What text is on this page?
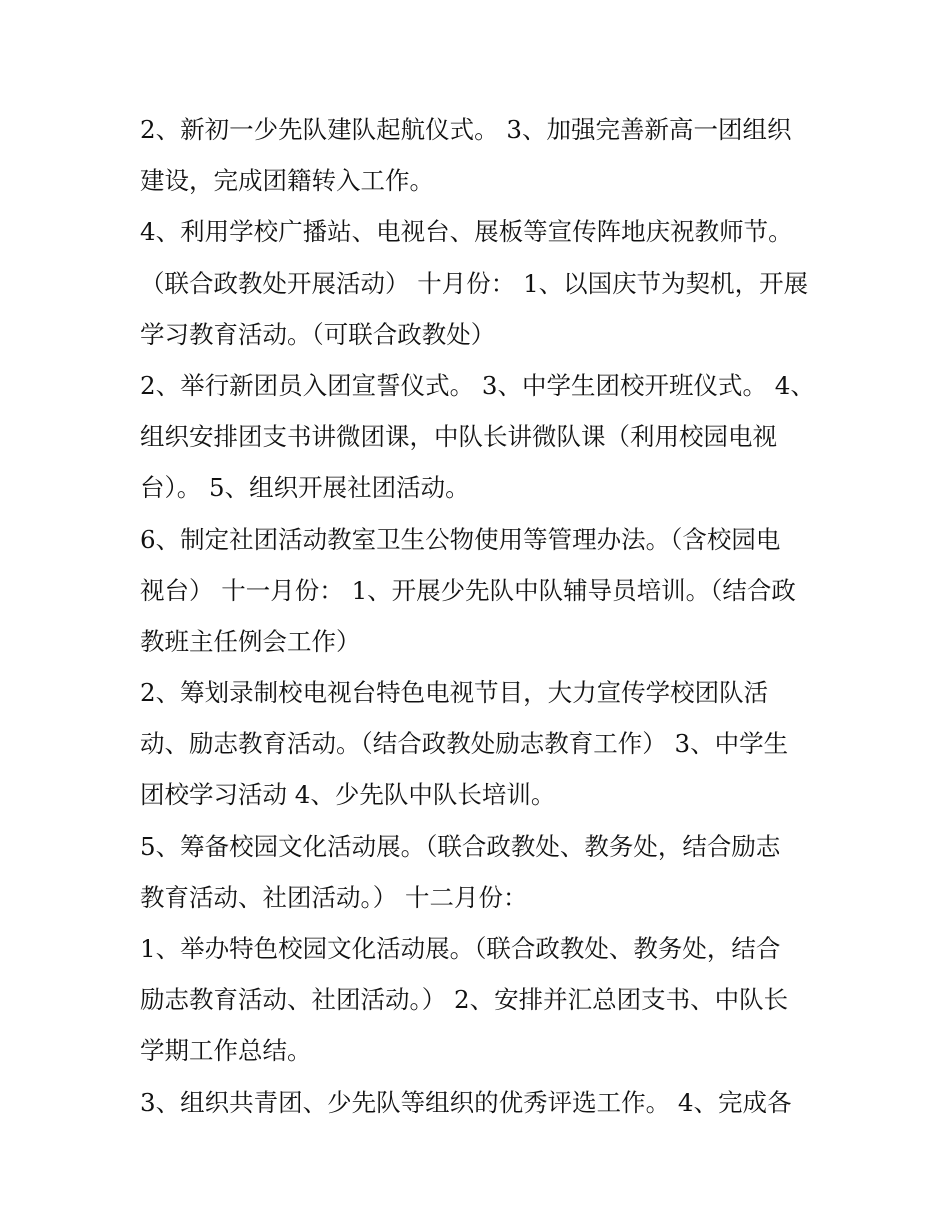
2、新初一少先队建队起航仪式。 3、加强完善新高一团组织
建设，完成团籍转入工作。
4、利用学校广播站、电视台、展板等宣传阵地庆祝教师节。
（联合政教处开展活动） 十月份： 1、以国庆节为契机，开展
学习教育活动。（可联合政教处）
2、举行新团员入团宣誓仪式。 3、中学生团校开班仪式。 4、
组织安排团支书讲微团课，中队长讲微队课（利用校园电视
台）。 5、组织开展社团活动。
6、制定社团活动教室卫生公物使用等管理办法。（含校园电
视台） 十一月份： 1、开展少先队中队辅导员培训。（结合政
教班主任例会工作）
2、筹划录制校电视台特色电视节目，大力宣传学校团队活
动、励志教育活动。（结合政教处励志教育工作） 3、中学生
团校学习活动 4、少先队中队长培训。
5、筹备校园文化活动展。（联合政教处、教务处，结合励志
教育活动、社团活动。） 十二月份：
1、举办特色校园文化活动展。（联合政教处、教务处，结合
励志教育活动、社团活动。） 2、安排并汇总团支书、中队长
学期工作总结。
3、组织共青团、少先队等组织的优秀评选工作。 4、完成各
